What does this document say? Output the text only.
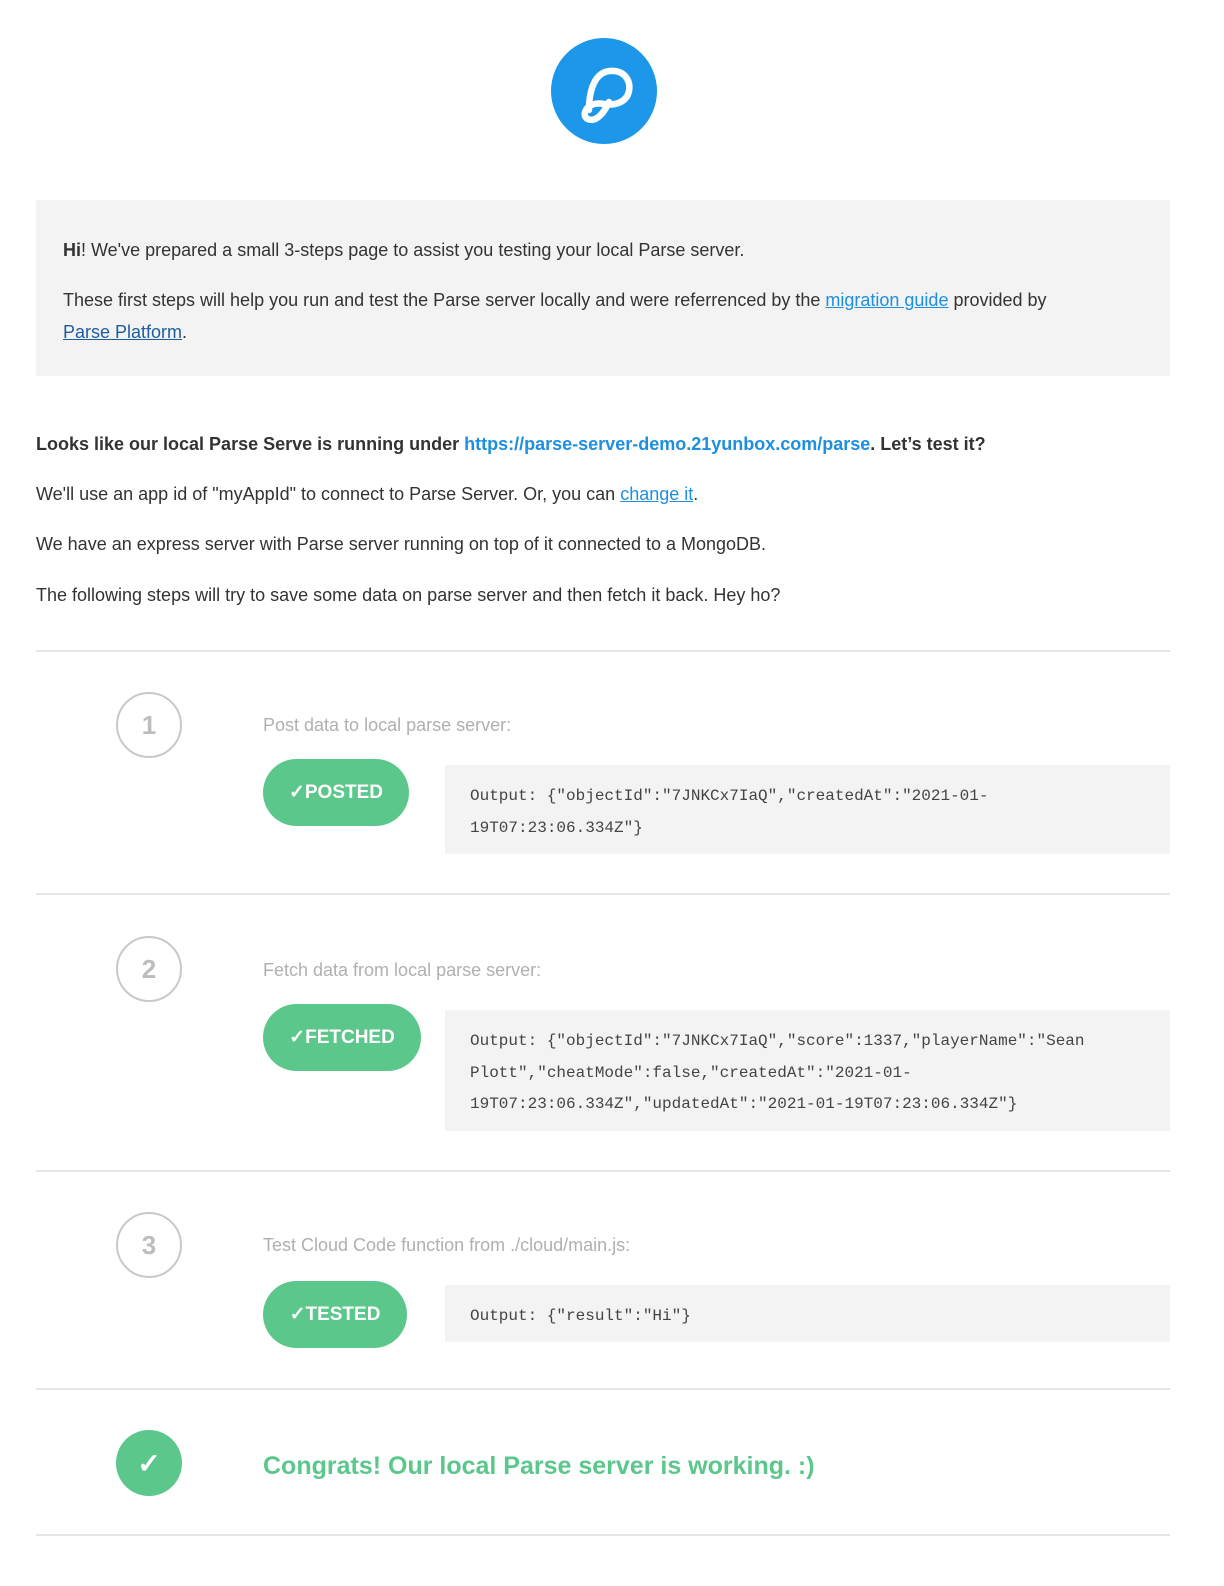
Hi! We've prepared a small 3-steps page to assist you testing your local Parse server.

These first steps will help you run and test the Parse server locally and were referrenced by the migration guide provided by
Parse Platform.

Looks like our local Parse Serve is running under https://parse-server-demo.21yunbox.com/parse. Let’s test it?
We'll use an app id of "myAppId" to connect to Parse Server. Or, you can change it.
We have an express server with Parse server running on top of it connected to a MongoDB.
The following steps will try to save some data on parse server and then fetch it back. Hey ho?
1	Post data to local parse server:
✓POSTED	Output: {"objectId":"7JNKCx7IaQ","createdAt":"2021-01-
19T07:23:06.334Z"}
2	Fetch data from local parse server:
✓FETCHED	Output: {"objectId":"7JNKCx7IaQ","score":1337,"playerName":"Sean
Plott","cheatMode":false,"createdAt":"2021-01-
19T07:23:06.334Z","updatedAt":"2021-01-19T07:23:06.334Z"}
3	Test Cloud Code function from ./cloud/main.js:
✓TESTED	Output: {"result":"Hi"}
✓	Congrats! Our local Parse server is working. :)
